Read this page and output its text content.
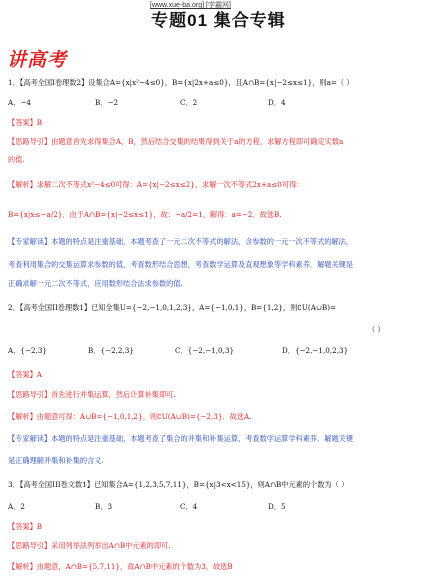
[www.xue-ba.org] [学霸网]
专题01 集合专辑
讲高考
1．【高考全国I卷理数2】设集合A={x|x²−4≤0}，B={x|2x+a≤0}，且A∩B={x|−2≤x≤1}，则a=（ ）
A．−4	B．−2	C．2	D．4
【答案】B
【思路导引】由题意首先求得集合A，B，然后结合交集的结果得到关于a的方程，求解方程即可确定实数a
的值.
【解析】求解二次不等式x²−4≤0可得：A={x|−2≤x≤2}，求解一次不等式2x+a≤0可得：
B={x|x≤−a/2}．由于A∩B={x|−2≤x≤1}，故：−a/2=1，解得：a=−2．故选B.
【专家解读】本题的特点是注重基础，本题考查了一元二次不等式的解法、含参数的一元一次不等式的解法，
考查利用集合的交集运算求参数的值，考查数形结合思想，考查数学运算及直观想象等学科素养．解题关键是
正确求解一元二次不等式，应用数形结合法求参数的值.
2．【高考全国II卷理数1】已知全集U={−2,−1,0,1,2,3}，A={−1,0,1}，B={1,2}，则∁U(A∪B)=
（ ）
A．{−2,3}	B．{−2,2,3}	C．{−2,−1,0,3}	D．{−2,−1,0,2,3}
【答案】A
【思路导引】首先进行并集运算，然后计算补集即可.
【解析】由题意可得：A∪B={−1,0,1,2}，则∁U(A∪B)={−2,3}．故选A.
【专家解读】本题的特点是注重基础，本题考查了集合的并集和补集运算，考查数学运算学科素养．解题关键
是正确理解并集和补集的含义.
3．【高考全国III卷文数1】已知集合A={1,2,3,5,7,11}，B={x|3<x<15}，则A∩B中元素的个数为（ ）
A．2	B．3	C．4	D．5
【答案】B
【思路导引】采用列举法列举出A∩B中元素的即可.
【解析】由题意，A∩B={5,7,11}，故A∩B中元素的个数为3，故选B
